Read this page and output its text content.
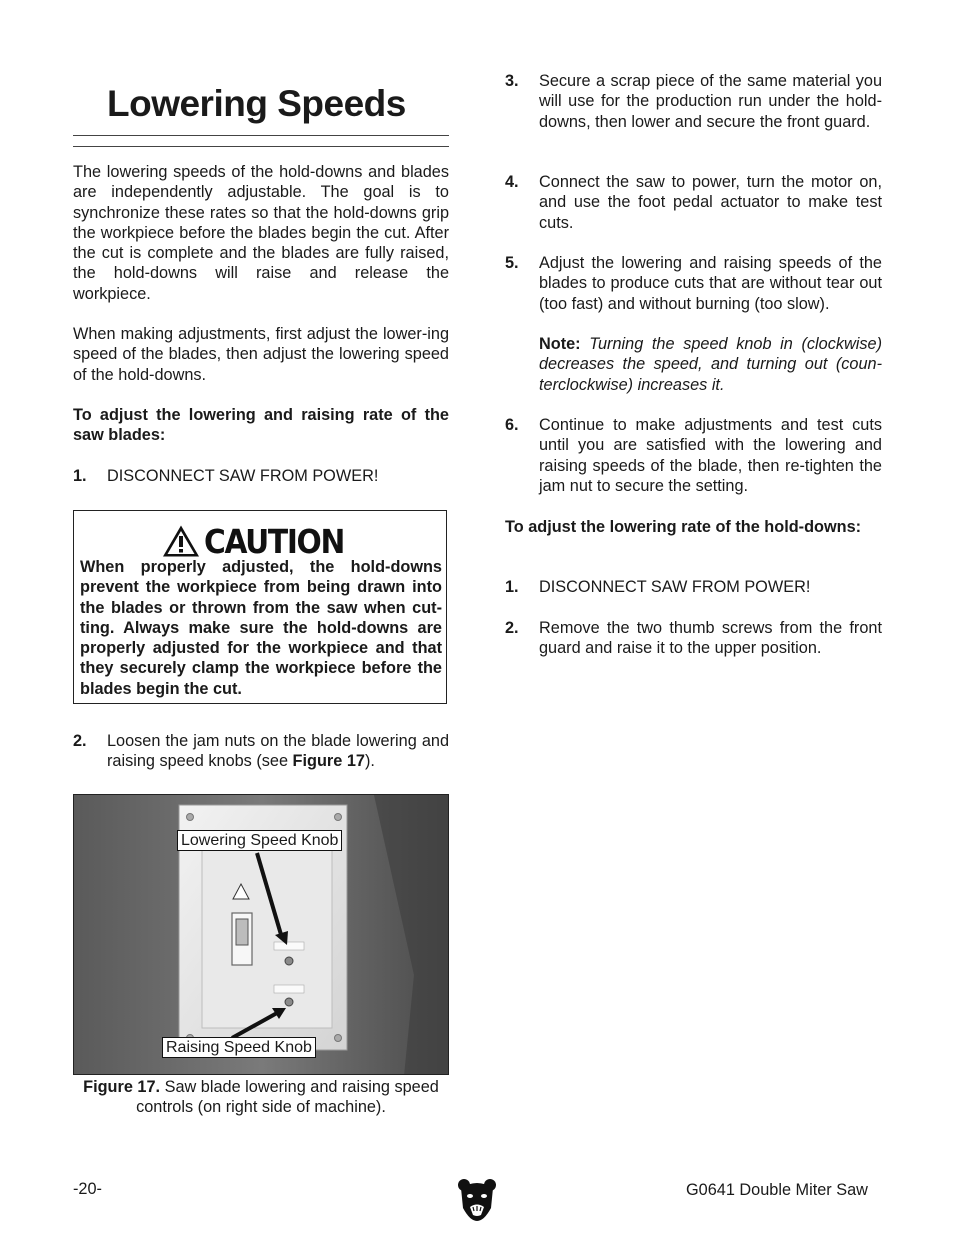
Lowering Speeds

The lowering speeds of the hold-downs and blades are independently adjustable. The goal is to synchronize these rates so that the hold-downs grip the workpiece before the blades begin the cut. After the cut is complete and the blades are fully raised, the hold-downs will raise and release the workpiece.

When making adjustments, first adjust the lower-ing speed of the blades, then adjust the lowering speed of the hold-downs.

To adjust the lowering and raising rate of the saw blades:

1. DISCONNECT SAW FROM POWER!
CAUTION
When properly adjusted, the hold-downs prevent the workpiece from being drawn into the blades or thrown from the saw when cut-ting. Always make sure the hold-downs are properly adjusted for the workpiece and that they securely clamp the workpiece before the blades begin the cut.
2. Loosen the jam nuts on the blade lowering and raising speed knobs (see Figure 17).
Lowering Speed Knob
Raising Speed Knob
Figure 17. Saw blade lowering and raising speed controls (on right side of machine).
3. Secure a scrap piece of the same material you will use for the production run under the hold-downs, then lower and secure the front guard.
4. Connect the saw to power, turn the motor on, and use the foot pedal actuator to make test cuts.
5. Adjust the lowering and raising speeds of the blades to produce cuts that are without tear out (too fast) and without burning (too slow).
Note: Turning the speed knob in (clockwise) decreases the speed, and turning out (coun-terclockwise) increases it.
6. Continue to make adjustments and test cuts until you are satisfied with the lowering and raising speeds of the blade, then re-tighten the jam nut to secure the setting.

To adjust the lowering rate of the hold-downs:

1. DISCONNECT SAW FROM POWER!
2. Remove the two thumb screws from the front guard and raise it to the upper position.
-20-	G0641 Double Miter Saw
